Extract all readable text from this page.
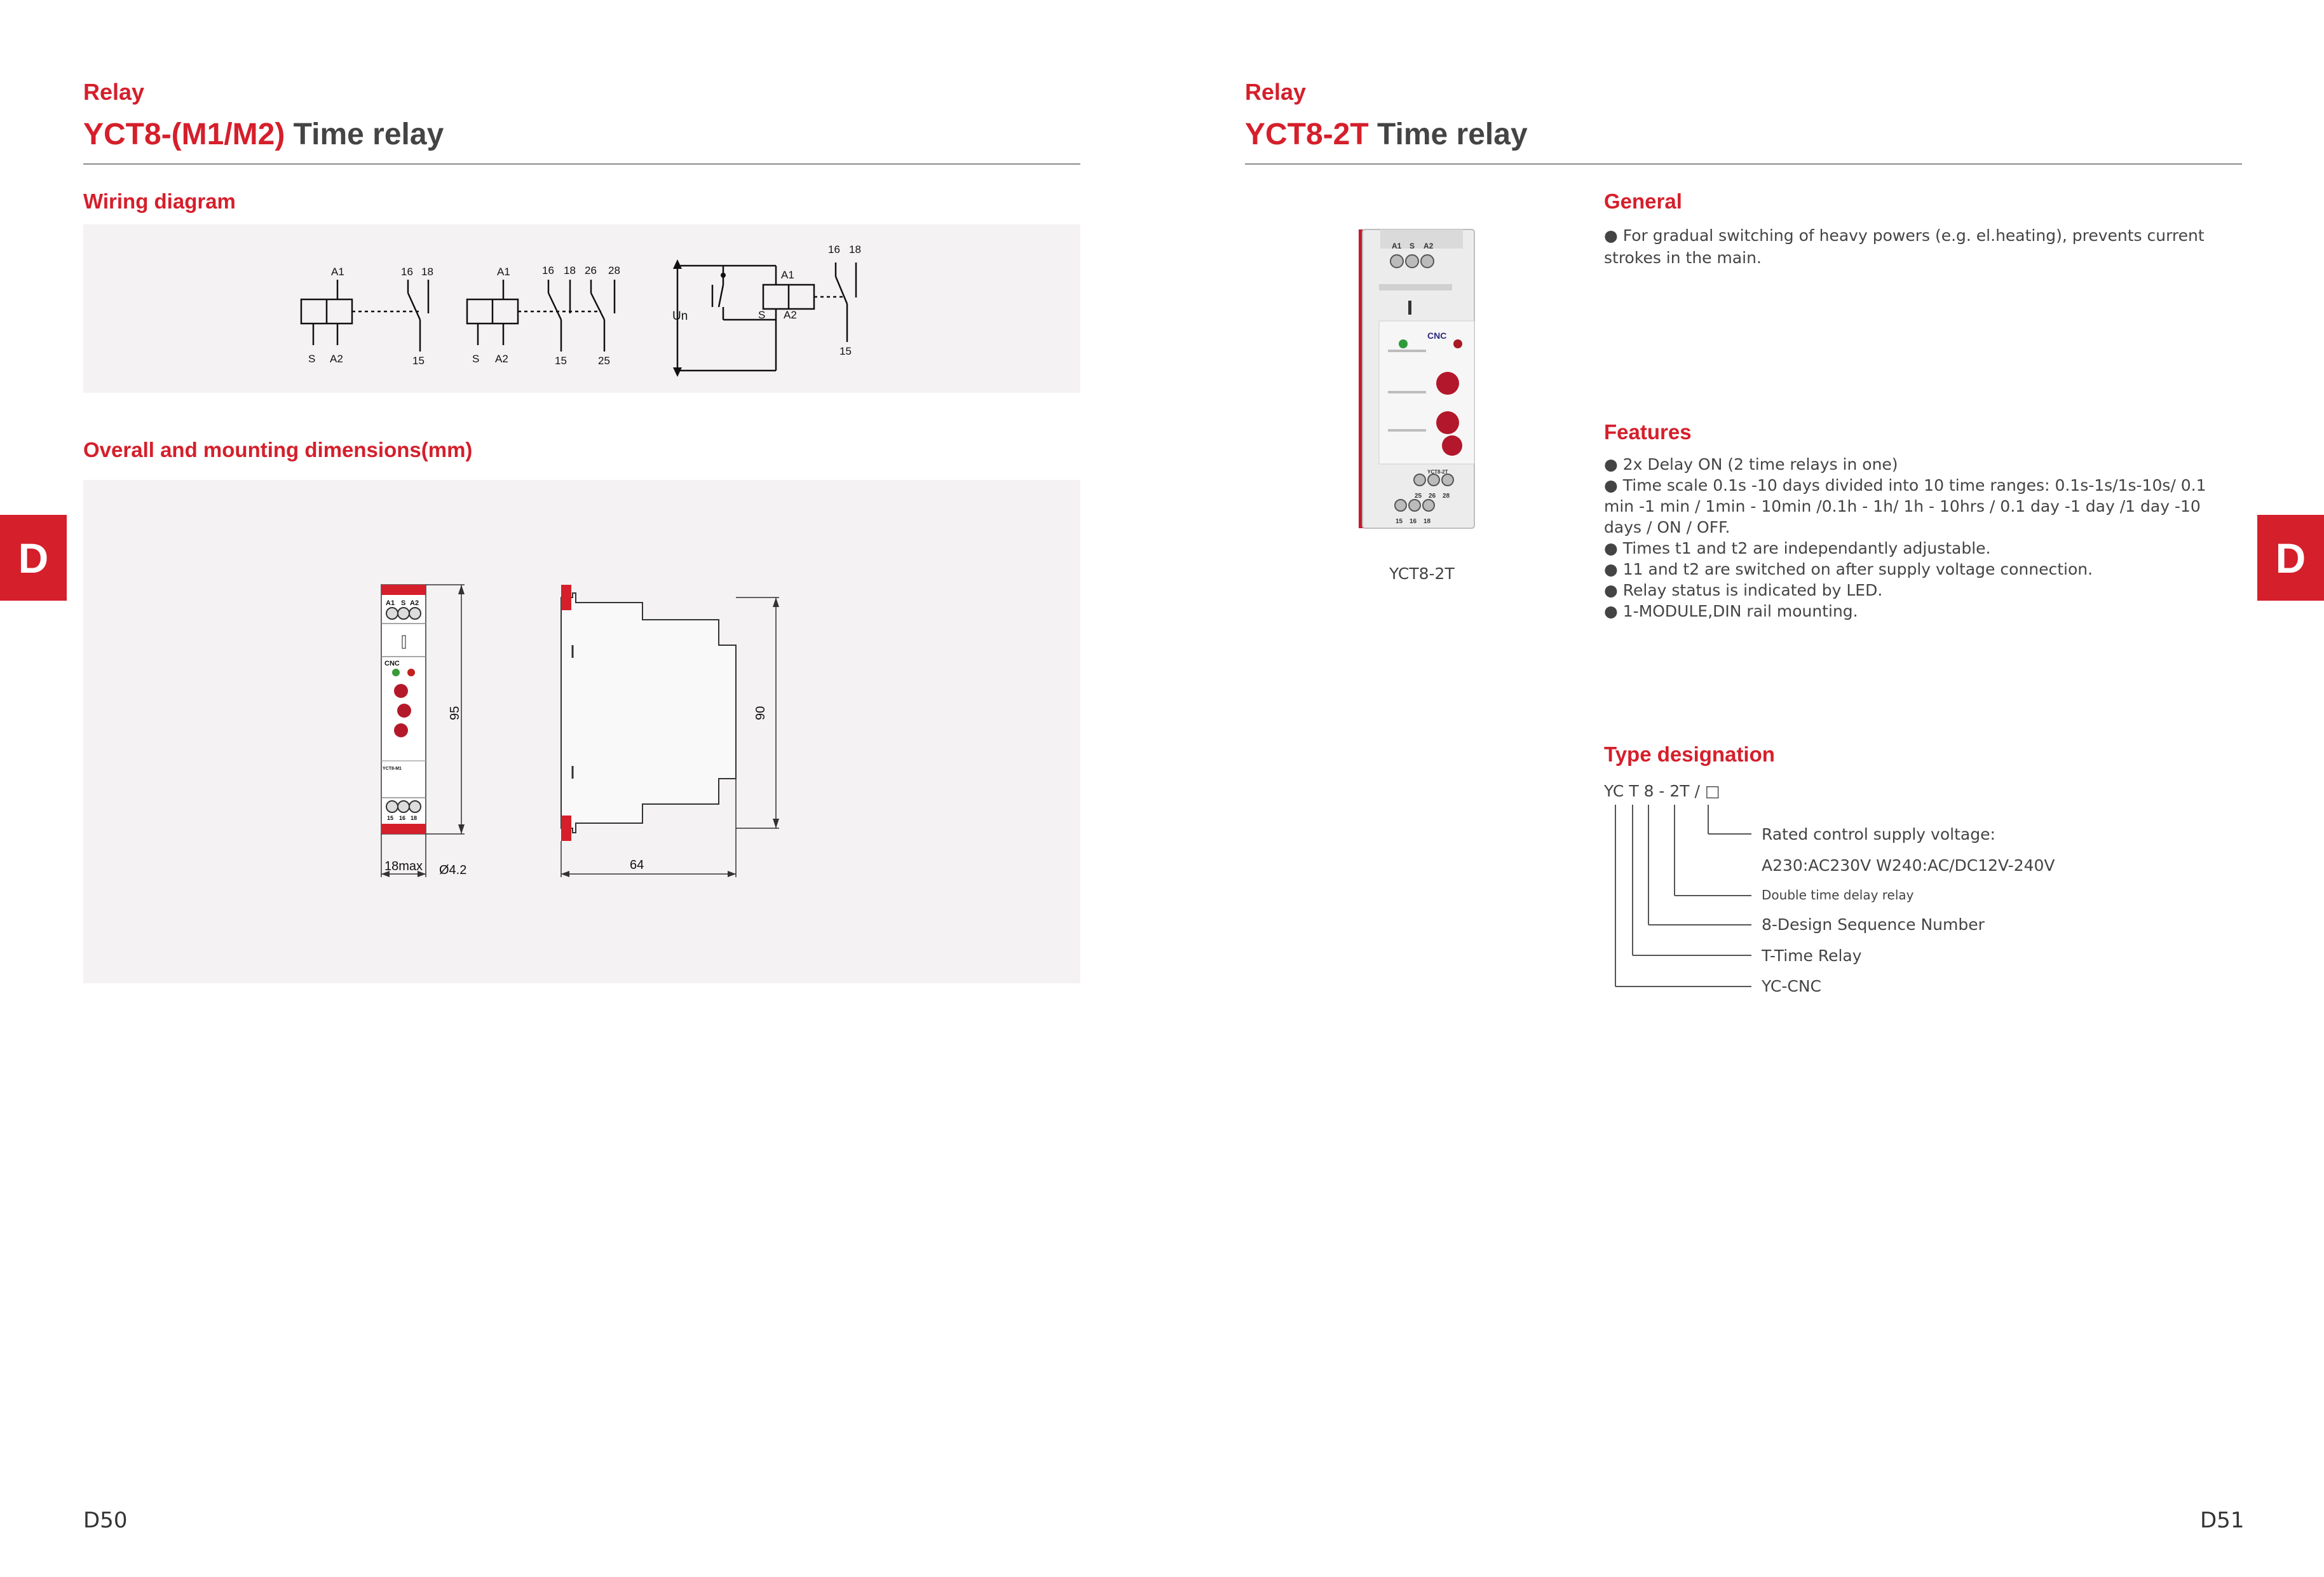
Relay
YCT8-(M1/M2) Time relay
Wiring diagram
A1	16 18
S A2	15
A1	16 18 26 28
S A2	15	25
16 18
A1
Un	S A2
15
Overall and mounting dimensions(mm)
A1 S A2
CNC
YCT8-M1
15 16 18
95
18max Ø4.2
90
64
D50
D
Relay
YCT8-2T Time relay
A1 S A2
CNC
YCT8-2T
25 26 28
15 16 18
YCT8-2T
General

● For gradual switching of heavy powers (e.g. el.heating), prevents current strokes in the main.

Features

● 2x Delay ON (2 time relays in one)

● Time scale 0.1s -10 days divided into 10 time ranges: 0.1s-1s/1s-10s/ 0.1 min -1 min / 1min - 10min /0.1h - 1h/ 1h - 10hrs / 0.1 day -1 day /1 day -10 days / ON / OFF.

● Times t1 and t2 are independantly adjustable.

● 11 and t2 are switched on after supply voltage connection.

● Relay status is indicated by LED.

● 1-MODULE,DIN rail mounting.

Type designation
YC T 8 - 2T / □
Rated control supply voltage:
A230:AC230V W240:AC/DC12V-240V
Double time delay relay
8-Design Sequence Number
T-Time Relay
YC-CNC
D51
D
